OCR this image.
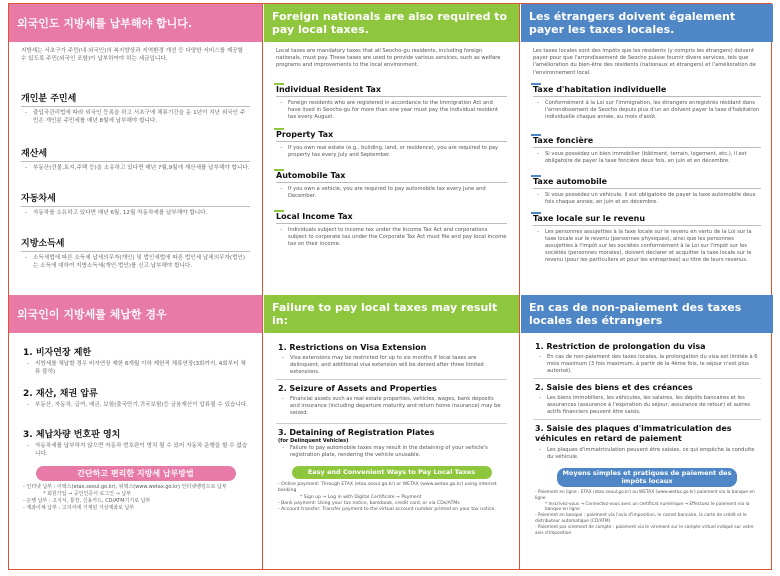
외국인도 지방세를 납부해야 합니다.
지방세는 서초구가 주민(내·외국인)의 복지향상과 지역환경 개선 등 다양한 서비스를 제공할 수 있도록 주민(외국인 포함)이 납부하여야 하는 세금입니다.
개인분 주민세
- 출입국관리법에 따라 외국인 등록을 하고 서초구에 체류기간을 둔 1년이 지난 외국인 주민은 개인분 주민세를 매년 8월에 납부해야 합니다.
재산세
- 부동산(건물,토지,주택 등)을 소유하고 있다면 매년 7월,9월에 재산세를 납부해야 합니다.
자동차세
- 자동차를 소유하고 있다면 매년 6월, 12월 자동차세를 납부해야 합니다.
지방소득세
- 소득세법에 따른 소득세 납세의무자(개인) 및 법인세법에 따른 법인세 납세의무자(법인)는 소득에 대하여 지방소득세(개인·법인)를 신고·납부해야 합니다.
외국인이 지방세를 체납한 경우
1. 비자연장 제한
- 지방세를 체납할 경우 비자연장 제한 6개월 이하 제한적 체류연장(3회까지, 4회부터 체류 불허)
2. 재산, 채권 압류
- 부동산, 자동차, 급여, 예금, 보험(출국만기,귀국보험)등 금융재산이 압류될 수 있습니다.
3. 체납차량 번호판 영치
- 자동차세를 납부하지 않으면 자동차 번호판이 영치 될 수 있어 자동차 운행을 할 수 없습니다.
간단하고 편리한 지방세 납부방법
- 인터넷 납부 : 이택스(etax.seoul.go.kr), 위택스(www.wetax.go.kr) 인터넷뱅킹으로 납부
* 회원가입 → 공인인증서 로그인 → 납부
- 은행 납부 : 고지서, 통장, 신용카드, CD/ATM기기로 납부
- 계좌이체 납부 : 고지서에 기재된 가상계좌로 납부
Foreign nationals are also required to pay local taxes.
Local taxes are mandatory taxes that all Seocho-gu residents, including foreign nationals, must pay. These taxes are used to provide various services, such as welfare programs and improvements to the local environment.
Individual Resident Tax
- Foreign residents who are registered in accordance to the Immigration Act and have lived in Seocho-gu for more than one year must pay the individual resident tax every August.
Property Tax
- If you own real estate (e.g., building, land, or residence), you are required to pay property tax every July and September.
Automobile Tax
- If you own a vehicle, you are required to pay automobile tax every June and December.
Local Income Tax
- Individuals subject to income tax under the Income Tax Act and corporations subject to corporate tax under the Corporate Tax Act must file and pay local income tax on their income.
Failure to pay local taxes may result in:
1. Restrictions on Visa Extension
- Visa extensions may be restricted for up to six months if local taxes are delinquent, and additional visa extension will be denied after three limited extensions.
2. Seizure of Assets and Properties
- Financial assets such as real estate properties, vehicles, wages, bank deposits and insurance (including departure maturity and return home insurance) may be seized.
3. Detaining of Registration Plates
(for Delinquent Vehicles)
- Failure to pay automobile taxes may result in the detaining of your vehicle's registration plate, rendering the vehicle unusable.
Easy and Convenient Ways to Pay Local Taxes
- Online payment: Through ETAX (etax.seoul.go.kr) or WETAX (www.wetax.go.kr) using internet banking
* Sign up → Log in with Digital Certificate → Payment
- Bank payment: Using your tax notice, bankbook, credit card, or via CDs/ATMs
- Account transfer: Transfer payment to the virtual account number printed on your tax notice.
Les étrangers doivent également payer les taxes locales.
Les taxes locales sont des impôts que les résidents (y compris les étrangers) doivent payer pour que l'arrondissement de Seocho puisse fournir divers services, tels que l'amélioration du bien-être des résidents (nationaux et étrangers) et l'amélioration de l'environnement local.
Taxe d'habitation individuelle
- Conformément à la Loi sur l'immigration, les étrangers enregistrés résidant dans l'arrondissement de Seocho depuis plus d'un an doivent payer la taxe d'habitation individuelle chaque année, au mois d'août.
Taxe foncière
- Si vous possédez un bien immobilier (bâtiment, terrain, logement, etc.), il est obligatoire de payer la taxe foncière deux fois, en juin et en décembre.
Taxe automobile
- Si vous possédez un véhicule, il est obligatoire de payer la taxe automobile deux fois chaque année, en juin et en décembre.
Taxe locale sur le revenu
- Les personnes assujetties à la taxe locale sur le revenu en vertu de la Loi sur la taxe locale sur le revenu (personnes physiques), ainsi que les personnes assujetties à l'impôt sur les sociétés conformément à la Loi sur l'impôt sur les sociétés (personnes morales), doivent déclarer et acquitter la taxe locale sur le revenu (pour les particuliers et pour les entreprises) au titre de leurs revenus.
En cas de non-paiement des taxes locales des étrangers
1. Restriction de prolongation du visa
- En cas de non-paiement des taxes locales, la prolongation du visa est limitée à 6 mois maximum (3 fois maximum, à partir de la 4ème fois, le séjour n'est plus autorisé).
2. Saisie des biens et des créances
- Les biens immobiliers, les véhicules, les salaires, les dépôts bancaires et les assurances (assurance à l'expiration du séjour, assurance de retour) et autres actifs financiers peuvent être saisis.
3. Saisie des plaques d'immatriculation des véhicules en retard de paiement
- Les plaques d'immatriculation peuvent être saisies, ce qui empêche la conduite du véhicule.
Moyens simples et pratiques de paiement des impôts locaux
- Paiement en ligne : ETAX (etax.seoul.go.kr) ou WETAX (www.wetax.go.kr) paiement via la banque en ligne
* Inscrivez-vous → Connectez-vous avec un certificat numérique → Effectuez le paiement via la banque en ligne
- Paiement en banque : paiement via l'avis d'imposition, le carnet bancaire, la carte de crédit et le distributeur automatique (CD/ATM)
- Paiement par virement de compte : paiement via le virement sur le compte virtuel indiqué sur votre avis d'imposition
